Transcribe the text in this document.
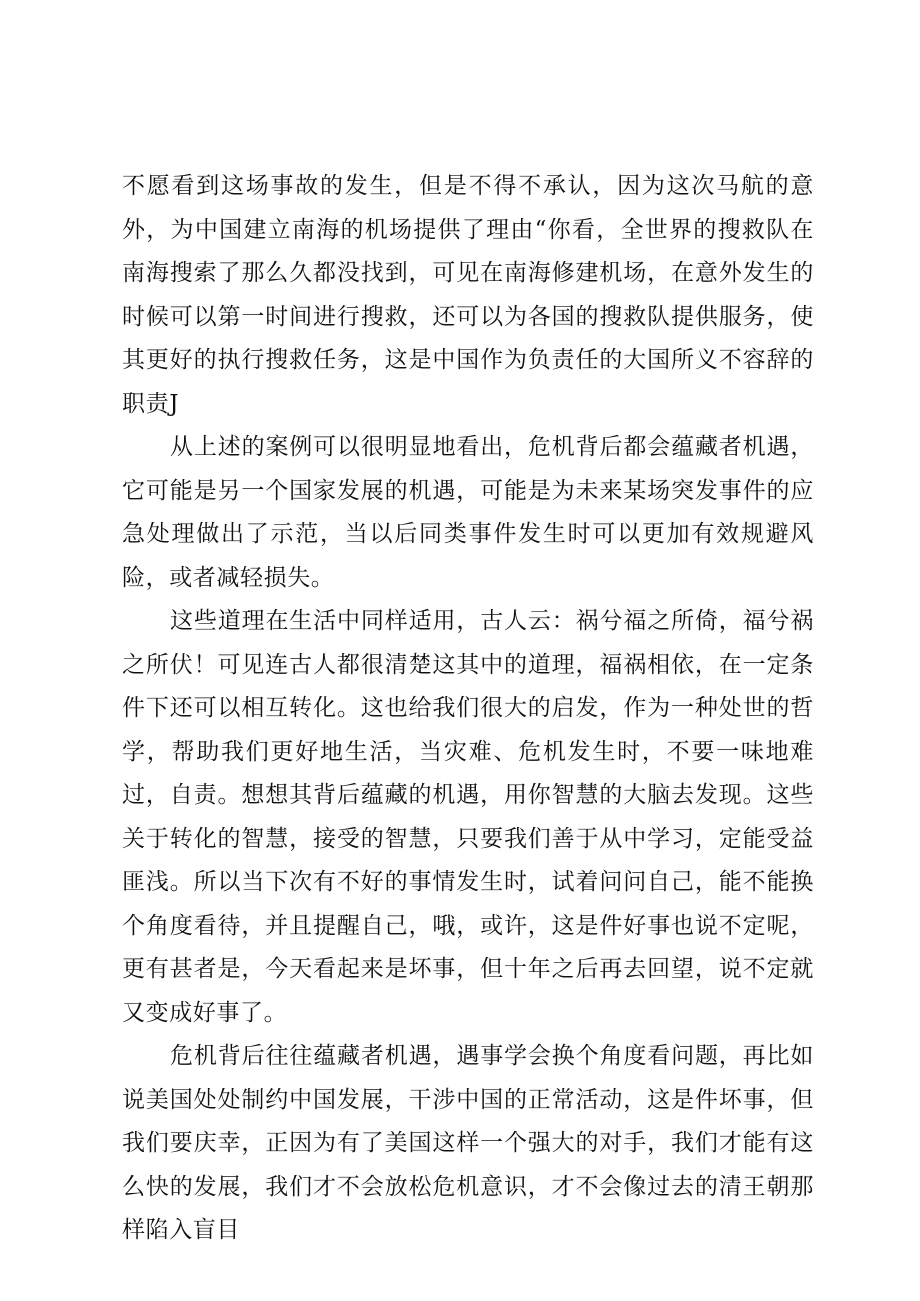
不愿看到这场事故的发生，但是不得不承认，因为这次马航的意外，为中国建立南海的机场提供了理由“你看，全世界的搜救队在南海搜索了那么久都没找到，可见在南海修建机场，在意外发生的时候可以第一时间进行搜救，还可以为各国的搜救队提供服务，使其更好的执行搜救任务，这是中国作为负责任的大国所义不容辞的职责J

从上述的案例可以很明显地看出，危机背后都会蕴藏者机遇，它可能是另一个国家发展的机遇，可能是为未来某场突发事件的应急处理做出了示范，当以后同类事件发生时可以更加有效规避风险，或者减轻损失。

这些道理在生活中同样适用，古人云：祸兮福之所倚，福兮祸之所伏！可见连古人都很清楚这其中的道理，福祸相依，在一定条件下还可以相互转化。这也给我们很大的启发，作为一种处世的哲学，帮助我们更好地生活，当灾难、危机发生时，不要一味地难过，自责。想想其背后蕴藏的机遇，用你智慧的大脑去发现。这些关于转化的智慧，接受的智慧，只要我们善于从中学习，定能受益匪浅。所以当下次有不好的事情发生时，试着问问自己，能不能换个角度看待，并且提醒自己，哦，或许，这是件好事也说不定呢，更有甚者是，今天看起来是坏事，但十年之后再去回望，说不定就又变成好事了。

危机背后往往蕴藏者机遇，遇事学会换个角度看问题，再比如说美国处处制约中国发展，干涉中国的正常活动，这是件坏事，但我们要庆幸，正因为有了美国这样一个强大的对手，我们才能有这么快的发展，我们才不会放松危机意识，才不会像过去的清王朝那样陷入盲目
